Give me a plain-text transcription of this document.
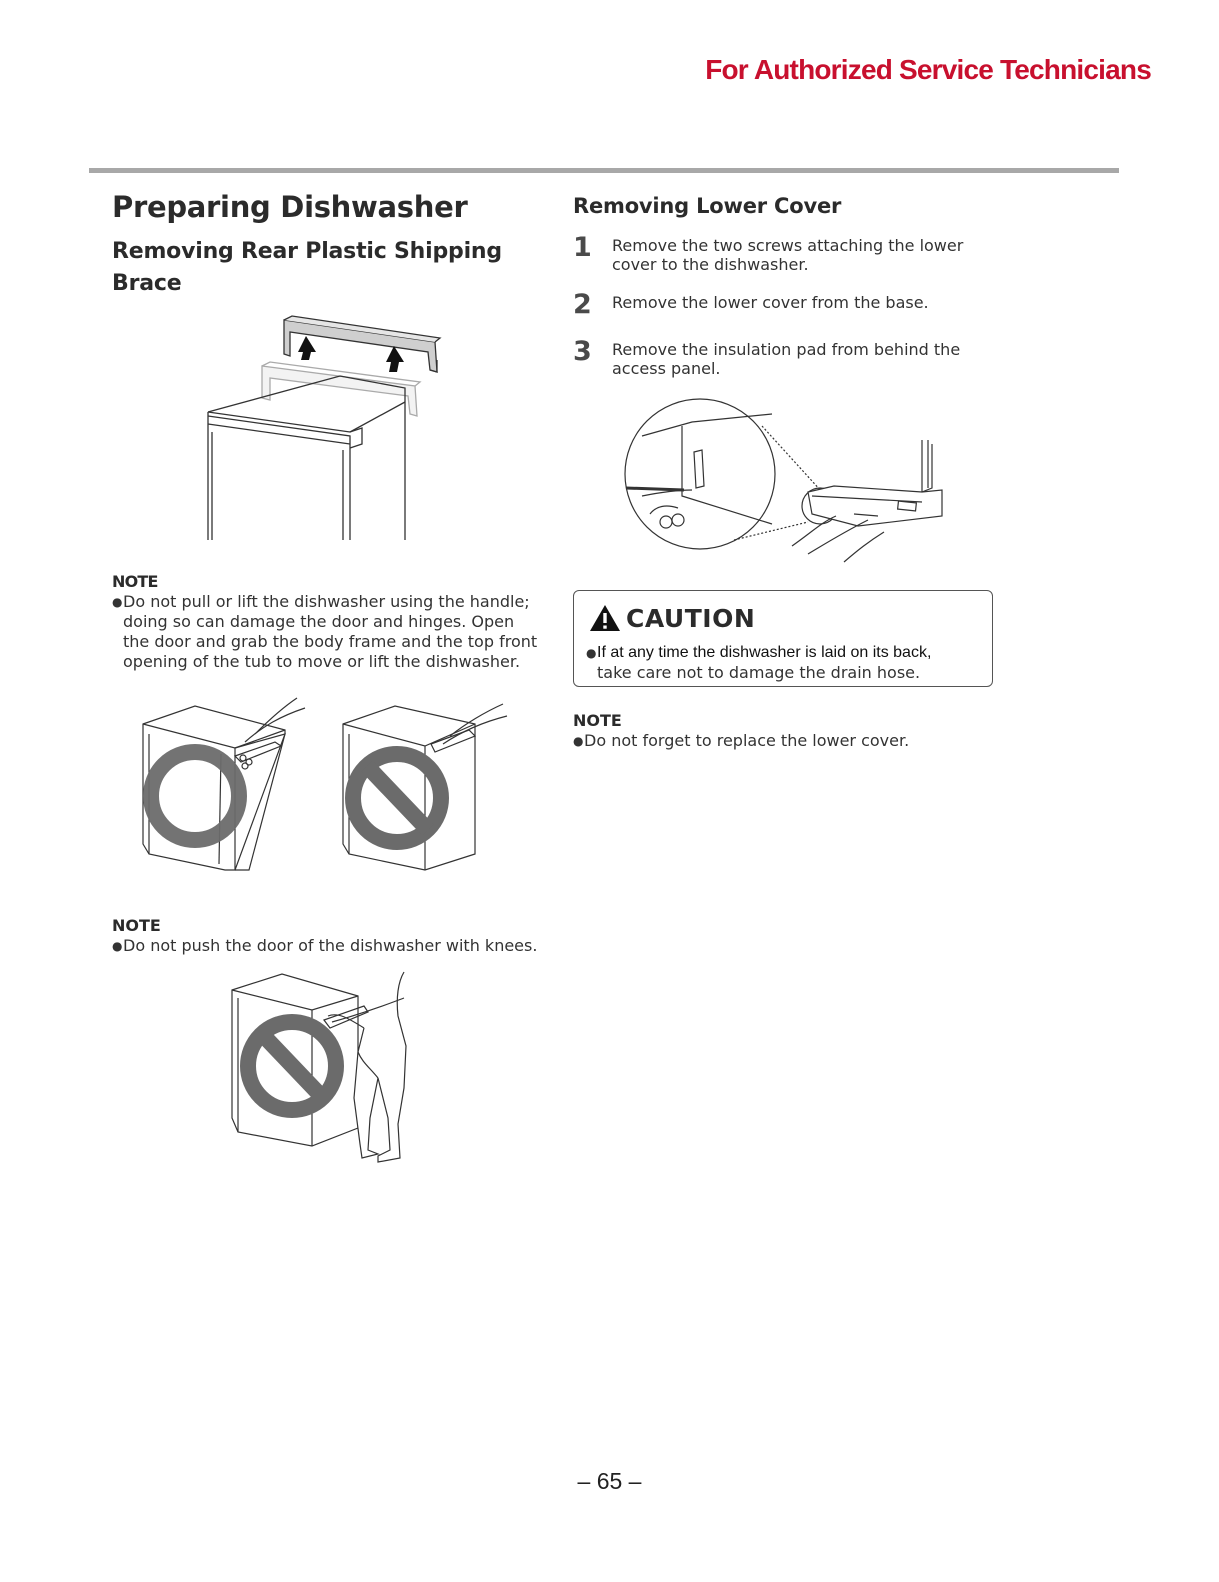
For Authorized Service Technicians
Preparing Dishwasher
Removing Rear Plastic Shipping Brace
NOTE
● Do not pull or lift the dishwasher using the handle;
doing so can damage the door and hinges. Open
the door and grab the body frame and the top front
opening of the tub to move or lift the dishwasher.
NOTE
● Do not push the door of the dishwasher with knees.
Removing Lower Cover
1	Remove the two screws attaching the lower
cover to the dishwasher.
2	Remove the lower cover from the base.
3	Remove the insulation pad from behind the
access panel.
CAUTION
● If at any time the dishwasher is laid on its back,
take care not to damage the drain hose.
NOTE
● Do not forget to replace the lower cover.
– 65 –
